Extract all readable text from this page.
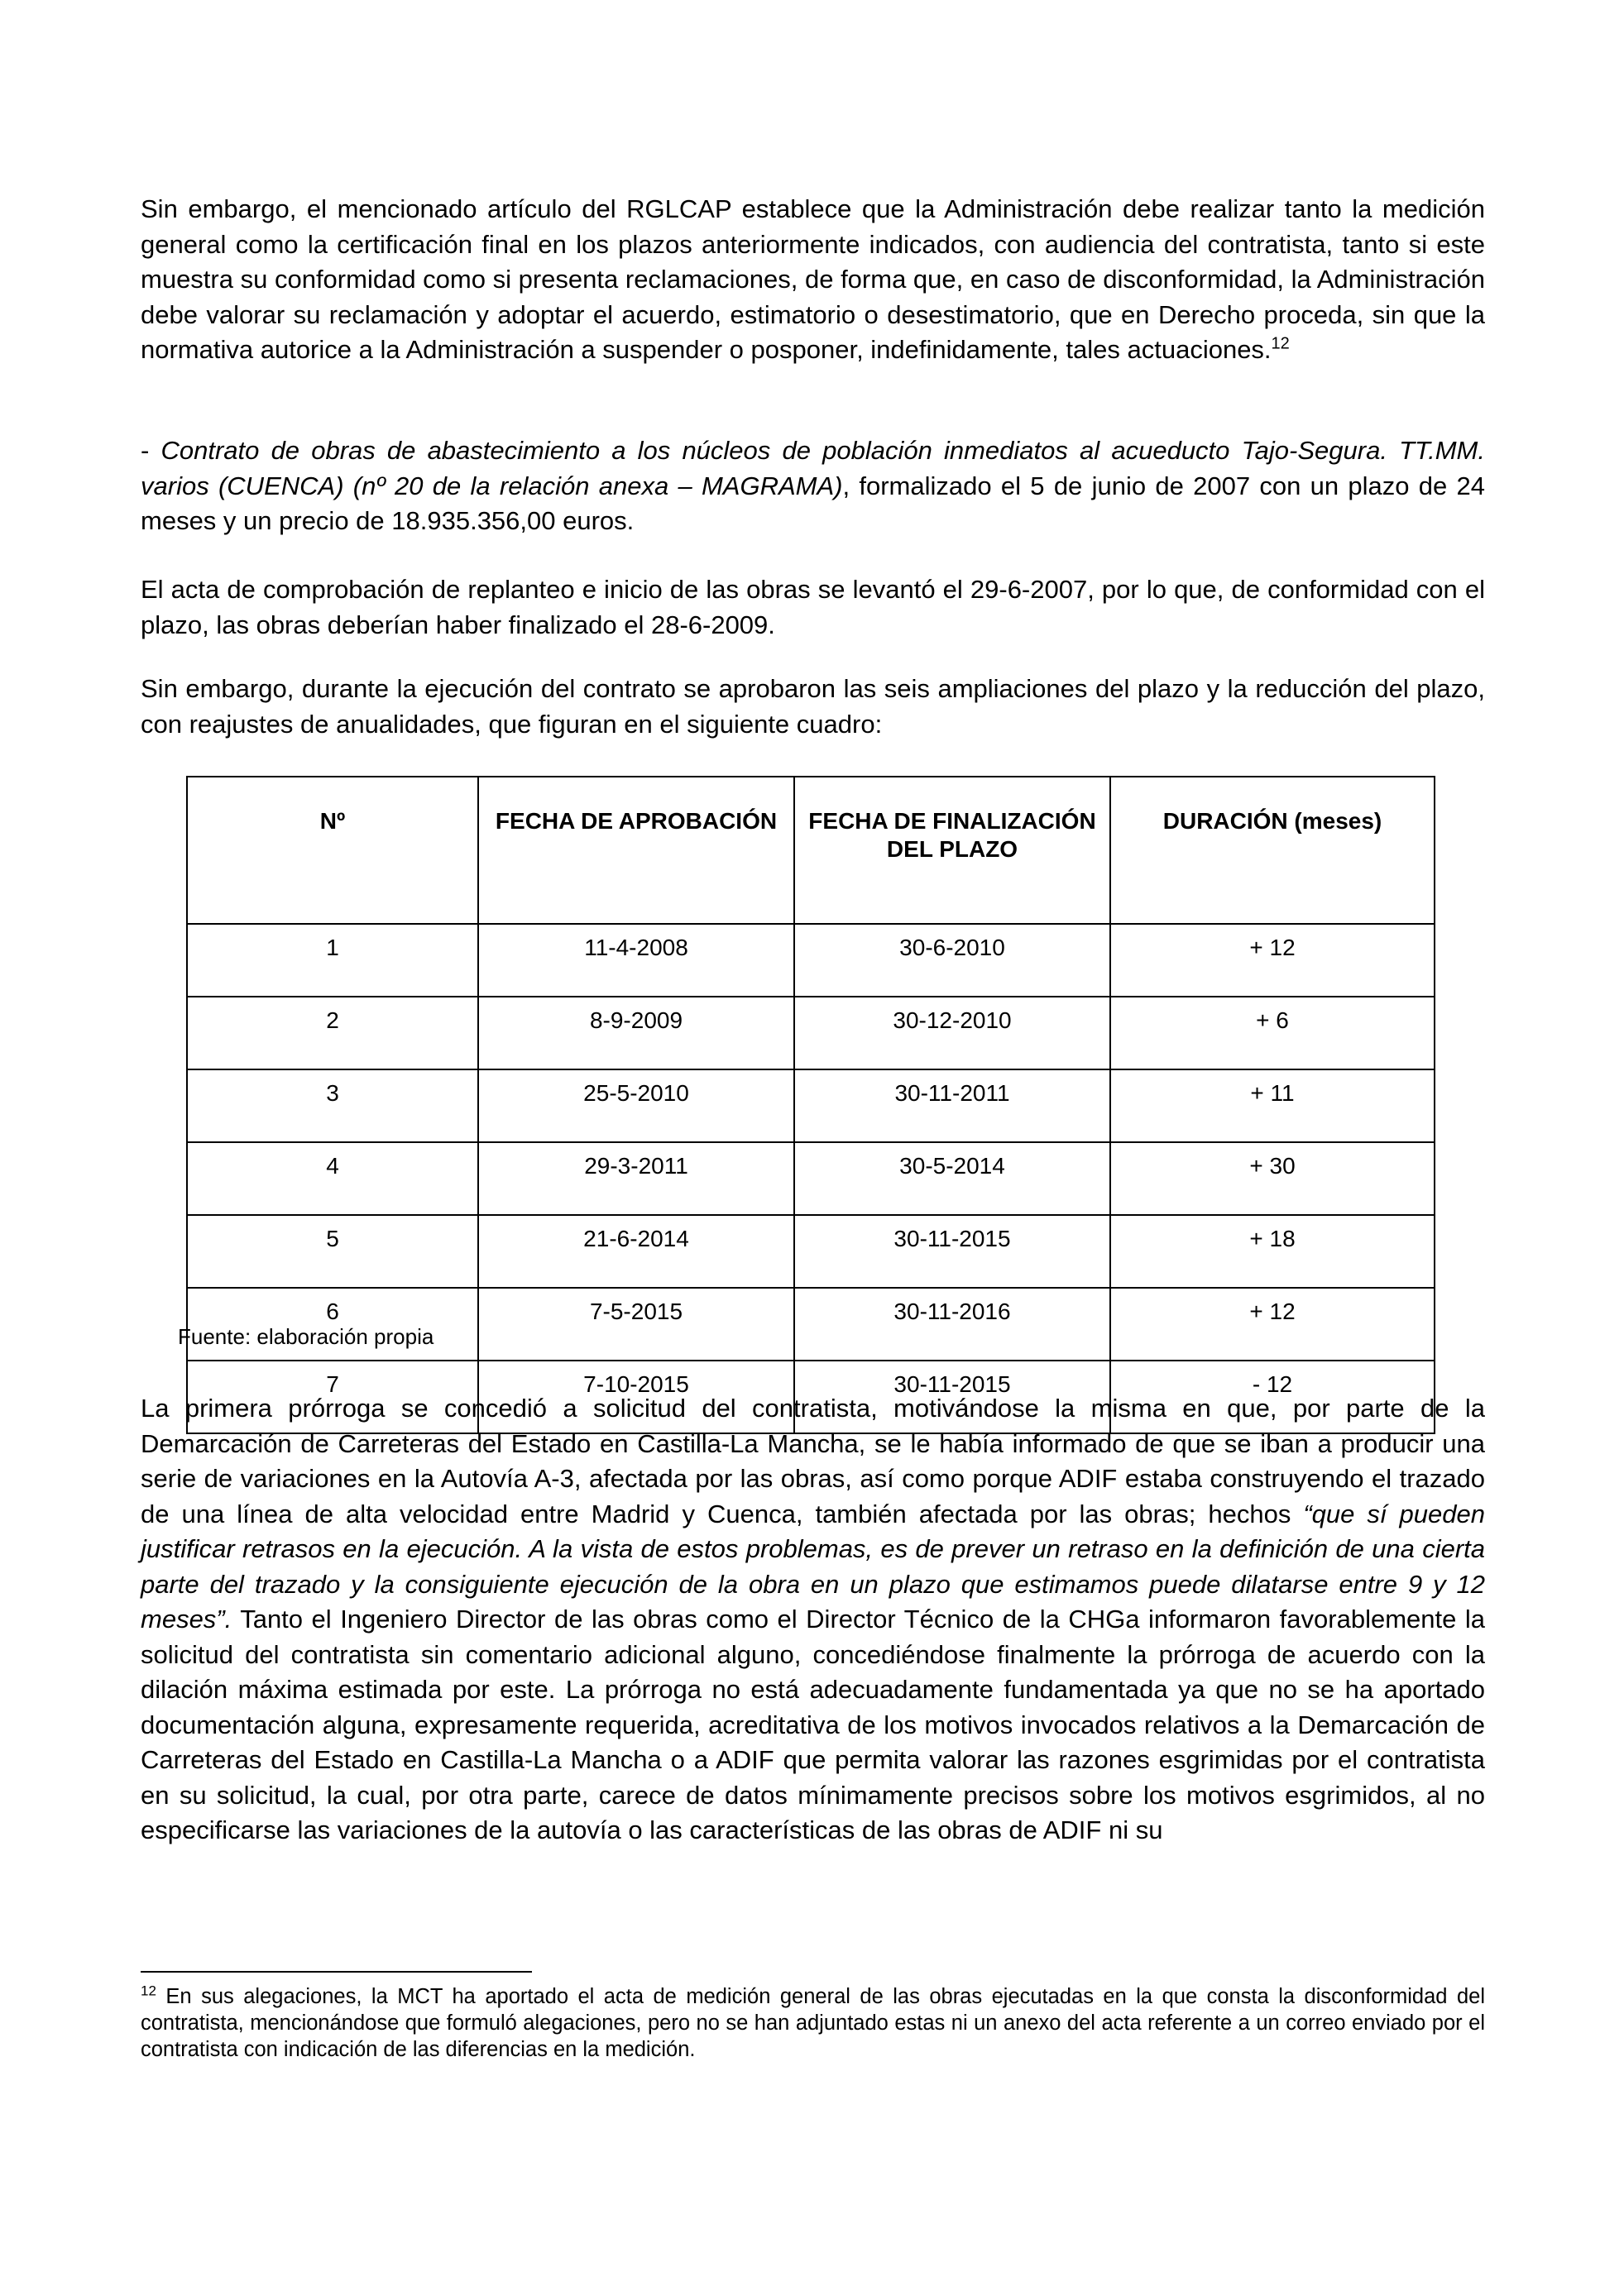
Sin embargo, el mencionado artículo del RGLCAP establece que la Administración debe realizar tanto la medición general como la certificación final en los plazos anteriormente indicados, con audiencia del contratista, tanto si este muestra su conformidad como si presenta reclamaciones, de forma que, en caso de disconformidad, la Administración debe valorar su reclamación y adoptar el acuerdo, estimatorio o desestimatorio, que en Derecho proceda, sin que la normativa autorice a la Administración a suspender o posponer, indefinidamente, tales actuaciones.$^{12}$

- Contrato de obras de abastecimiento a los núcleos de población inmediatos al acueducto Tajo-Segura. TT.MM. varios (CUENCA) (nº 20 de la relación anexa – MAGRAMA), formalizado el 5 de junio de 2007 con un plazo de 24 meses y un precio de 18.935.356,00 euros.

El acta de comprobación de replanteo e inicio de las obras se levantó el 29-6-2007, por lo que, de conformidad con el plazo, las obras deberían haber finalizado el 28-6-2009.

Sin embargo, durante la ejecución del contrato se aprobaron las seis ampliaciones del plazo y la reducción del plazo, con reajustes de anualidades, que figuran en el siguiente cuadro:

Nº	FECHA DE APROBACIÓN	FECHA DE FINALIZACIÓN DEL PLAZO	DURACIÓN (meses)
1	11-4-2008	30-6-2010	+ 12
2	8-9-2009	30-12-2010	+ 6
3	25-5-2010	30-11-2011	+ 11
4	29-3-2011	30-5-2014	+ 30
5	21-6-2014	30-11-2015	+ 18
6	7-5-2015	30-11-2016	+ 12
7	7-10-2015	30-11-2015	- 12

Fuente: elaboración propia

La primera prórroga se concedió a solicitud del contratista, motivándose la misma en que, por parte de la Demarcación de Carreteras del Estado en Castilla-La Mancha, se le había informado de que se iban a producir una serie de variaciones en la Autovía A-3, afectada por las obras, así como porque ADIF estaba construyendo el trazado de una línea de alta velocidad entre Madrid y Cuenca, también afectada por las obras; hechos “que sí pueden justificar retrasos en la ejecución. A la vista de estos problemas, es de prever un retraso en la definición de una cierta parte del trazado y la consiguiente ejecución de la obra en un plazo que estimamos puede dilatarse entre 9 y 12 meses”. Tanto el Ingeniero Director de las obras como el Director Técnico de la CHGa informaron favorablemente la solicitud del contratista sin comentario adicional alguno, concediéndose finalmente la prórroga de acuerdo con la dilación máxima estimada por este. La prórroga no está adecuadamente fundamentada ya que no se ha aportado documentación alguna, expresamente requerida, acreditativa de los motivos invocados relativos a la Demarcación de Carreteras del Estado en Castilla-La Mancha o a ADIF que permita valorar las razones esgrimidas por el contratista en su solicitud, la cual, por otra parte, carece de datos mínimamente precisos sobre los motivos esgrimidos, al no especificarse las variaciones de la autovía o las características de las obras de ADIF ni su

$^{12}$ En sus alegaciones, la MCT ha aportado el acta de medición general de las obras ejecutadas en la que consta la disconformidad del contratista, mencionándose que formuló alegaciones, pero no se han adjuntado estas ni un anexo del acta referente a un correo enviado por el contratista con indicación de las diferencias en la medición.
